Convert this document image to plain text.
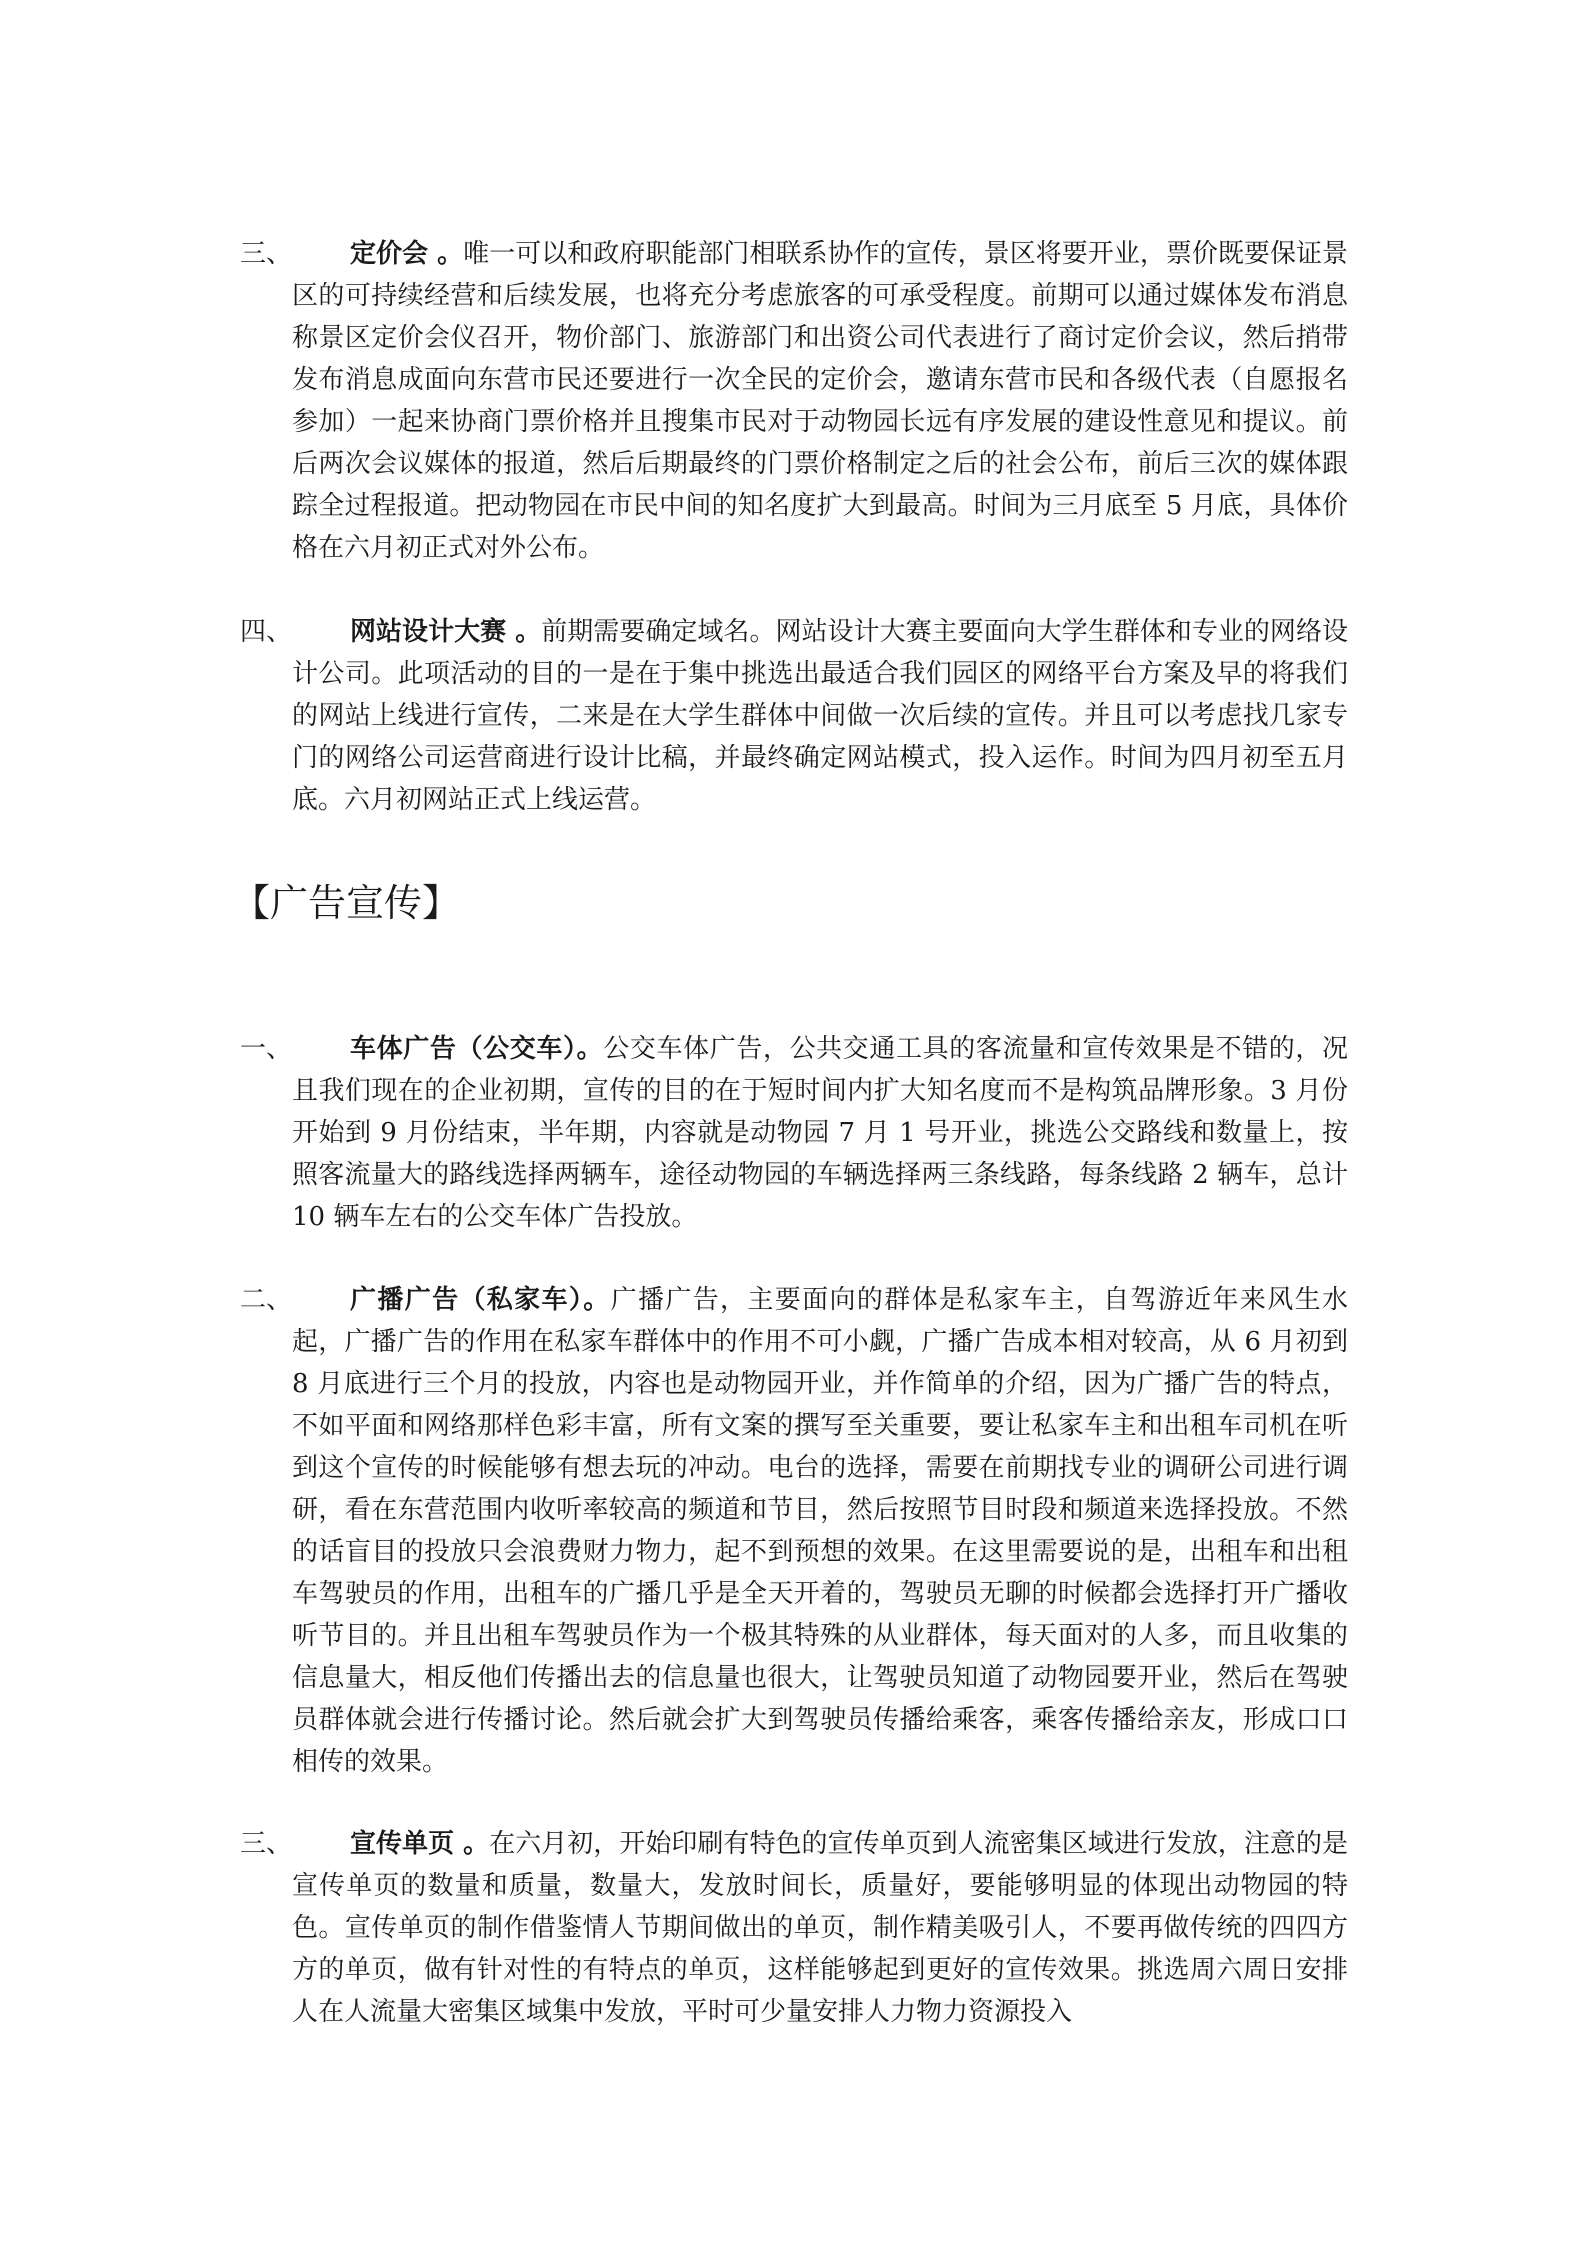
三、	定价会 。唯一可以和政府职能部门相联系协作的宣传，景区将要开业，票价既要保证景区的可持续经营和后续发展，也将充分考虑旅客的可承受程度。前期可以通过媒体发布消息称景区定价会仪召开，物价部门、旅游部门和出资公司代表进行了商讨定价会议，然后捎带发布消息成面向东营市民还要进行一次全民的定价会，邀请东营市民和各级代表（自愿报名参加）一起来协商门票价格并且搜集市民对于动物园长远有序发展的建设性意见和提议。前后两次会议媒体的报道，然后后期最终的门票价格制定之后的社会公布，前后三次的媒体跟踪全过程报道。把动物园在市民中间的知名度扩大到最高。时间为三月底至 5 月底，具体价格在六月初正式对外公布。
四、	网站设计大赛 。前期需要确定域名。网站设计大赛主要面向大学生群体和专业的网络设计公司。此项活动的目的一是在于集中挑选出最适合我们园区的网络平台方案及早的将我们的网站上线进行宣传，二来是在大学生群体中间做一次后续的宣传。并且可以考虑找几家专门的网络公司运营商进行设计比稿，并最终确定网站模式，投入运作。时间为四月初至五月底。六月初网站正式上线运营。
【广告宣传】
一、	车体广告（公交车）。公交车体广告，公共交通工具的客流量和宣传效果是不错的，况且我们现在的企业初期，宣传的目的在于短时间内扩大知名度而不是构筑品牌形象。3 月份开始到 9 月份结束，半年期，内容就是动物园 7 月 1 号开业，挑选公交路线和数量上，按照客流量大的路线选择两辆车，途径动物园的车辆选择两三条线路，每条线路 2 辆车，总计 10 辆车左右的公交车体广告投放。
二、	广播广告（私家车）。广播广告，主要面向的群体是私家车主，自驾游近年来风生水起，广播广告的作用在私家车群体中的作用不可小觑，广播广告成本相对较高，从 6 月初到 8 月底进行三个月的投放，内容也是动物园开业，并作简单的介绍，因为广播广告的特点，不如平面和网络那样色彩丰富，所有文案的撰写至关重要，要让私家车主和出租车司机在听到这个宣传的时候能够有想去玩的冲动。电台的选择，需要在前期找专业的调研公司进行调研，看在东营范围内收听率较高的频道和节目，然后按照节目时段和频道来选择投放。不然的话盲目的投放只会浪费财力物力，起不到预想的效果。在这里需要说的是，出租车和出租车驾驶员的作用，出租车的广播几乎是全天开着的，驾驶员无聊的时候都会选择打开广播收听节目的。并且出租车驾驶员作为一个极其特殊的从业群体，每天面对的人多，而且收集的信息量大，相反他们传播出去的信息量也很大，让驾驶员知道了动物园要开业，然后在驾驶员群体就会进行传播讨论。然后就会扩大到驾驶员传播给乘客，乘客传播给亲友，形成口口相传的效果。
三、	宣传单页 。在六月初，开始印刷有特色的宣传单页到人流密集区域进行发放，注意的是宣传单页的数量和质量，数量大，发放时间长，质量好，要能够明显的体现出动物园的特色。宣传单页的制作借鉴情人节期间做出的单页，制作精美吸引人，不要再做传统的四四方方的单页，做有针对性的有特点的单页，这样能够起到更好的宣传效果。挑选周六周日安排人在人流量大密集区域集中发放，平时可少量安排人力物力资源投入
